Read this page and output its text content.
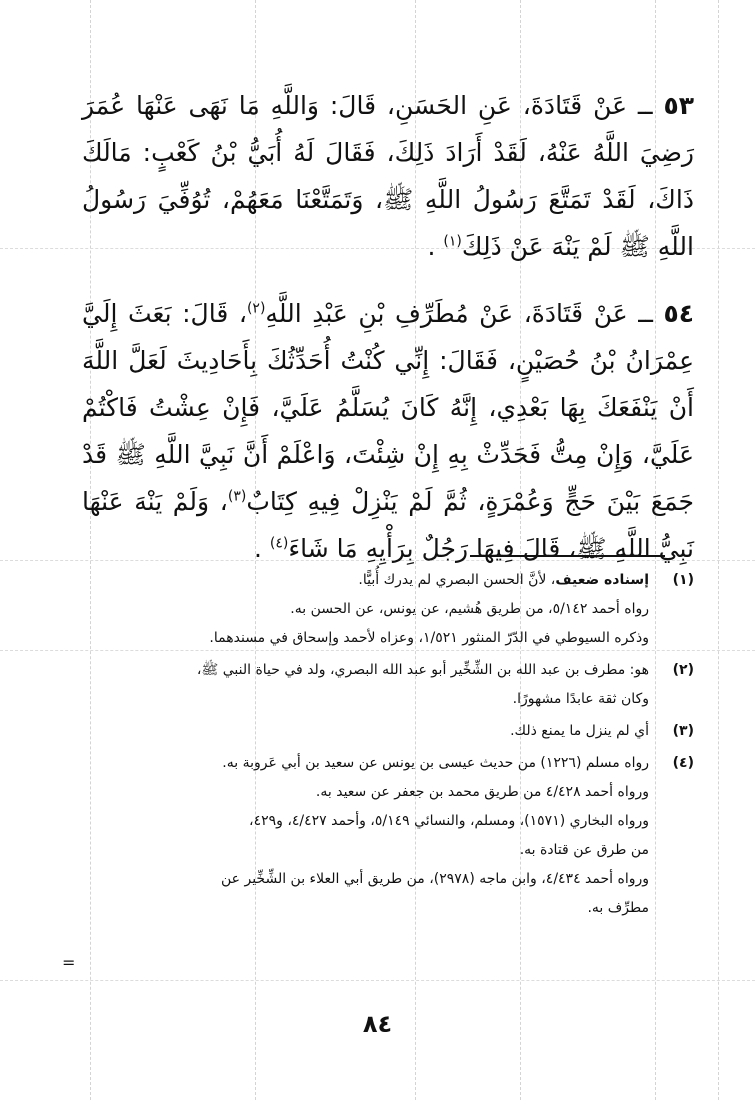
٥٣ ــ عَنْ قَتَادَةَ، عَنِ الحَسَنِ، قَالَ: وَاللَّهِ مَا نَهَى عَنْهَا عُمَرَ رَضِيَ اللَّهُ عَنْهُ، لَقَدْ أَرَادَ ذَلِكَ، فَقَالَ لَهُ أُبَيُّ بْنُ كَعْبٍ: مَالَكَ ذَاكَ، لَقَدْ تَمَتَّعَ رَسُولُ اللَّهِ ﷺ، وَتَمَتَّعْنَا مَعَهُمْ، تُوُفِّيَ رَسُولُ اللَّهِ ﷺ لَمْ يَنْهَ عَنْ ذَلِكَ$^{(١)}$ .

٥٤ ــ عَنْ قَتَادَةَ، عَنْ مُطَرِّفِ بْنِ عَبْدِ اللَّهِ$^{(٢)}$، قَالَ: بَعَثَ إِلَيَّ عِمْرَانُ بْنُ حُصَيْنٍ، فَقَالَ: إِنِّي كُنْتُ أُحَدِّثُكَ بِأَحَادِيثَ لَعَلَّ اللَّهَ أَنْ يَنْفَعَكَ بِهَا بَعْدِي، إِنَّهُ كَانَ يُسَلَّمُ عَلَيَّ، فَإِنْ عِشْتُ فَاكْتُمْ عَلَيَّ، وَإِنْ مِتُّ فَحَدِّثْ بِهِ إِنْ شِئْتَ، وَاعْلَمْ أَنَّ نَبِيَّ اللَّهِ ﷺ قَدْ جَمَعَ بَيْنَ حَجٍّ وَعُمْرَةٍ، ثُمَّ لَمْ يَنْزِلْ فِيهِ كِتَابٌ$^{(٣)}$، وَلَمْ يَنْهَ عَنْهَا نَبِيُّ اللَّهِ ﷺ، قَالَ فِيهَا رَجُلٌ بِرَأْيِهِ مَا شَاءَ$^{(٤)}$ .

(١)

إسناده ضعيف، لأنَّ الحسن البصري لم يدرك أُبيًّا.

رواه أحمد ٥/١٤٢، من طريق هُشيم، عن يونس، عن الحسن به.

وذكره السيوطي في الدّرّ المنثور ١/٥٢١، وعزاه لأحمد وإسحاق في مسندهما.

(٢)

هو: مطرف بن عبد الله بن الشِّخِّير أبو عبد الله البصري، ولد في حياة النبي ﷺ،

وكان ثقة عابدًا مشهورًا.

(٣)

أي لم ينزل ما يمنع ذلك.

(٤)

رواه مسلم (١٢٢٦) من حديث عيسى بن يونس عن سعيد بن أبي عَروبة به.

ورواه أحمد ٤/٤٢٨ من طريق محمد بن جعفر عن سعيد به.

ورواه البخاري (١٥٧١)، ومسلم، والنسائي ٥/١٤٩، وأحمد ٤/٤٢٧، و٤٢٩،

من طرق عن قتادة به.

ورواه أحمد ٤/٤٣٤، وابن ماجه (٢٩٧٨)، من طريق أبي العلاء بن الشِّخِّير عن

مطرِّف به.

=
٨٤
